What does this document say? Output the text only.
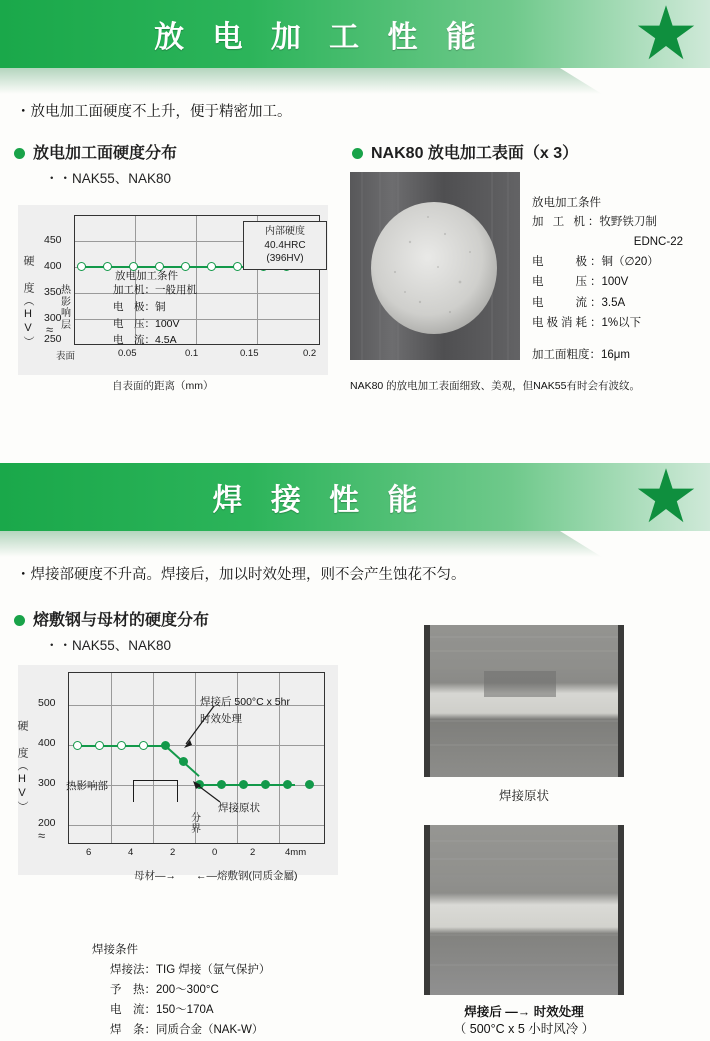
放 电 加 工 性 能
・放电加工面硬度不上升，便于精密加工。
放电加工面硬度分布
・・NAK55、NAK80
NAK80 放电加工表面（x 3）
450
400
350
300
250
≈
硬 度（HV）
表面	0.05	0.1	0.15	0.2
自表面的距离（mm）
内部硬度
40.4HRC
(396HV)
热
影
响
层
加工机：一般用机
电　极：铜
电　压：100V
电　流：4.5A
放电加工条件
放电加工条件
加 工 机：牧野铁刀制
EDNC-22
电　　极：铜（∅20）
电　　压：100V
电　　流：3.5A
电极消耗：1%以下
加工面粗度：16μm
NAK80 的放电加工表面细致、美观，但NAK55有时会有波纹。
焊 接 性 能
・焊接部硬度不升高。焊接后，加以时效处理，则不会产生蚀花不匀。
熔敷钢与母材的硬度分布
・・NAK55、NAK80
500
400
300
200
≈
硬 度（HV）
6	4	2	0	2	4mm
母材—→ ←—熔敷钢(同质金屬)
焊接后 500°C x 5hr
时效处理
焊接原状
热影响部
分
界
焊接条件
焊接法：TIG 焊接（氩气保护）
予　热：200～300°C
电　流：150～170A
焊　条：同质合金（NAK-W）
焊接原状
焊接后 —→ 时效处理
（ 500°C x 5 小时风冷 ）
